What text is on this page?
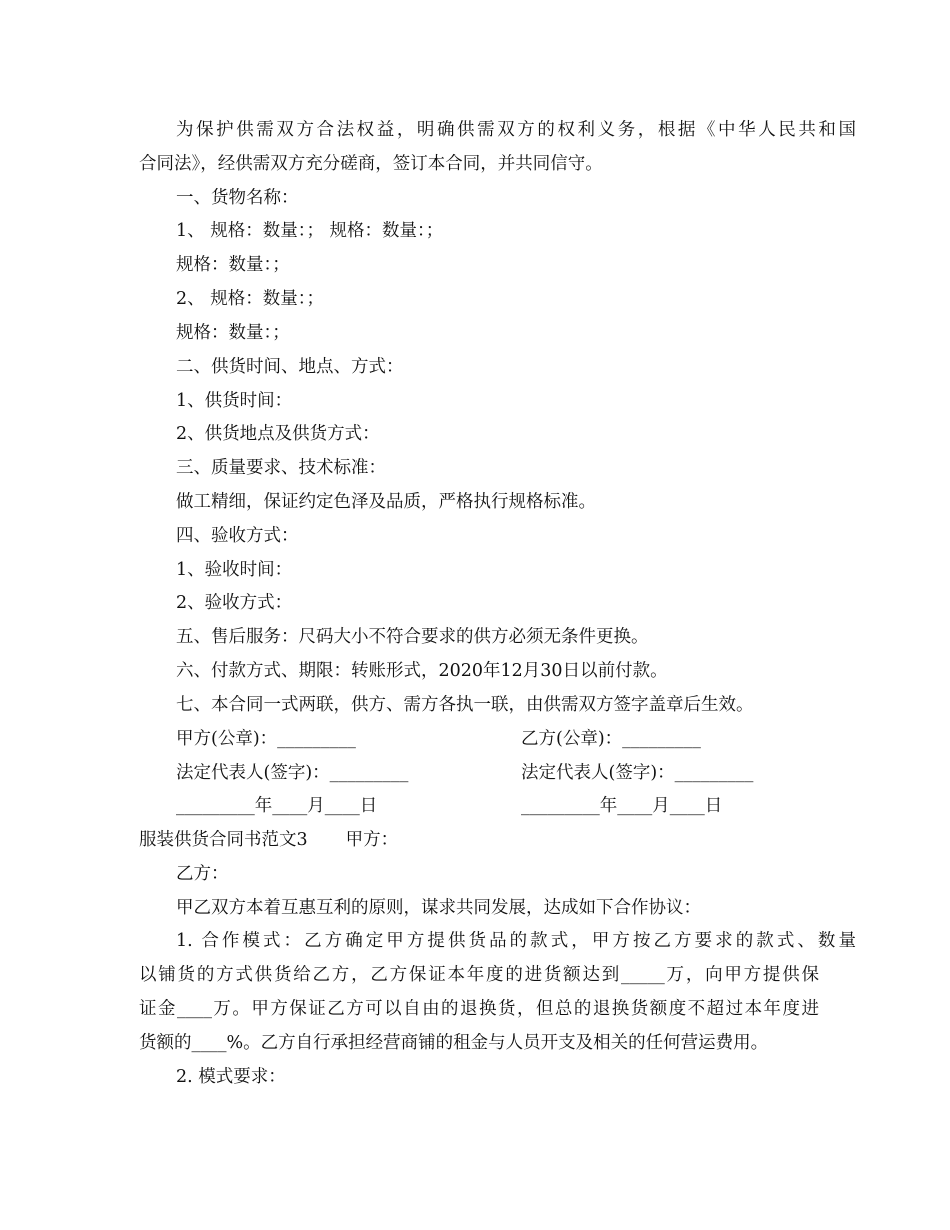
为保护供需双方合法权益，明确供需双方的权利义务，根据《中华人民共和国
合同法》，经供需双方充分磋商，签订本合同，并共同信守。
一、货物名称：
1、 规格：数量：； 规格：数量：；
规格：数量：；
2、 规格：数量：；
规格：数量：；
二、供货时间、地点、方式：
1、供货时间：
2、供货地点及供货方式：
三、质量要求、技术标准：
做工精细，保证约定色泽及品质，严格执行规格标准。
四、验收方式：
1、验收时间：
2、验收方式：
五、售后服务：尺码大小不符合要求的供方必须无条件更换。
六、付款方式、期限：转账形式，2020年12月30日以前付款。
七、本合同一式两联，供方、需方各执一联，由供需双方签字盖章后生效。
甲方(公章)：_________	乙方(公章)：_________
法定代表人(签字)：_________	法定代表人(签字)：_________
_________年____月____日	_________年____月____日
服装供货合同书范文3 甲方：
乙方：
甲乙双方本着互惠互利的原则，谋求共同发展，达成如下合作协议：
1. 合作模式：乙方确定甲方提供货品的款式，甲方按乙方要求的款式、数量
以铺货的方式供货给乙方，乙方保证本年度的进货额达到_____万，向甲方提供保
证金____万。甲方保证乙方可以自由的退换货，但总的退换货额度不超过本年度进
货额的____%。乙方自行承担经营商铺的租金与人员开支及相关的任何营运费用。
2. 模式要求：
